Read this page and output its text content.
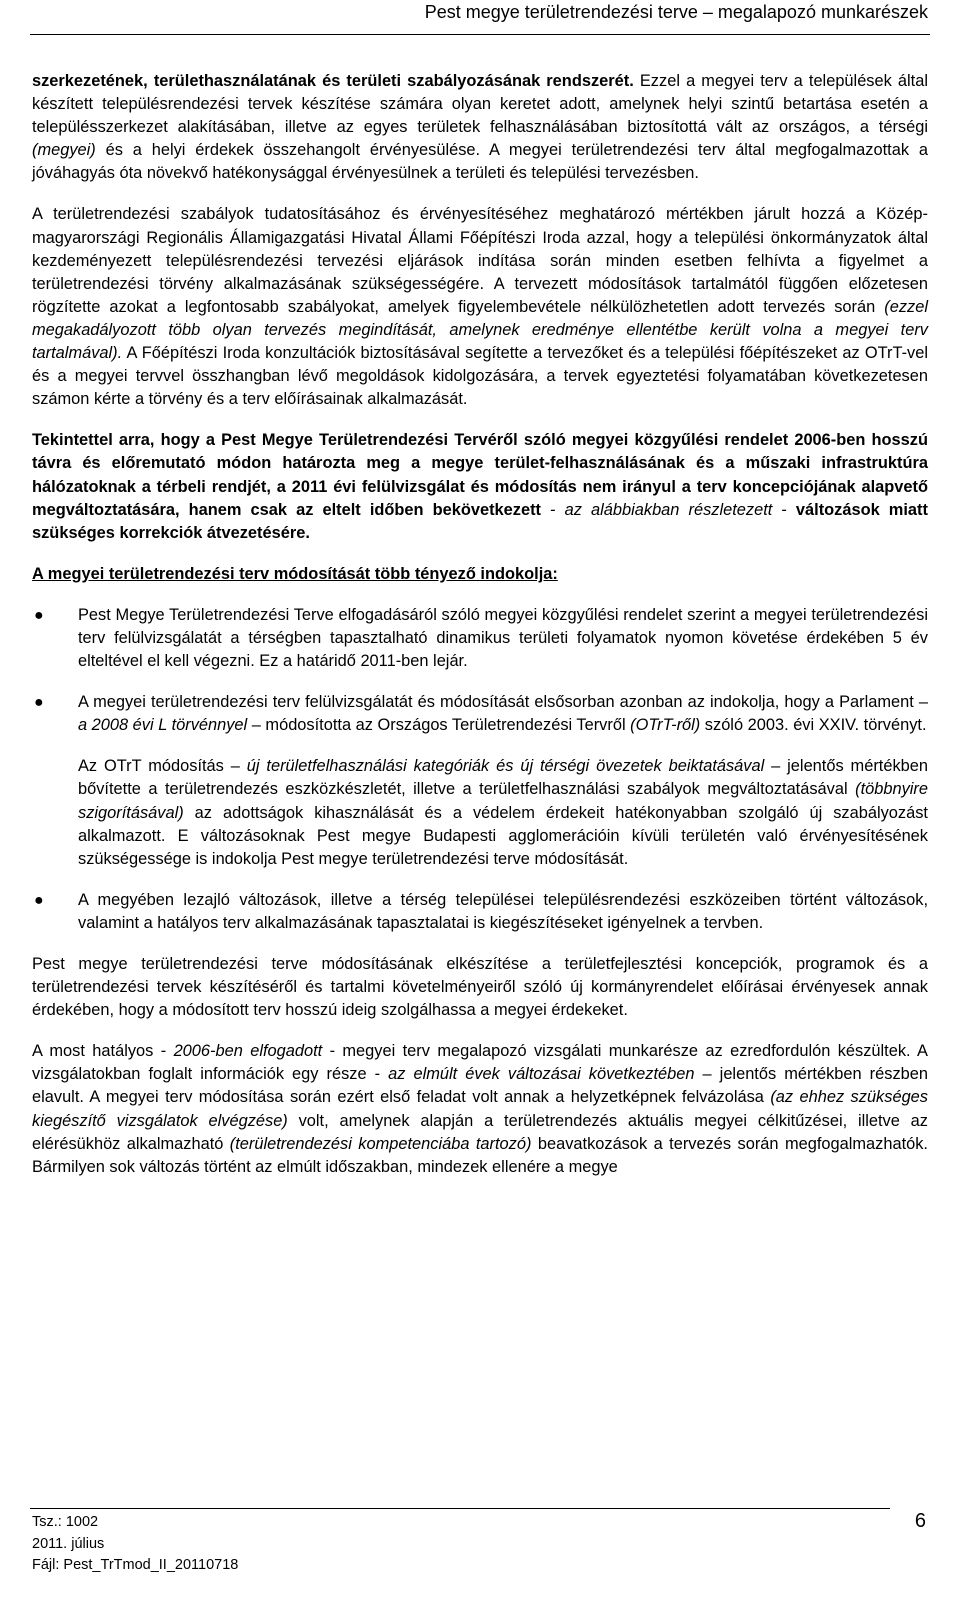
Pest megye területrendezési terve – megalapozó munkarészek

szerkezetének, területhasználatának és területi szabályozásának rendszerét. Ezzel a megyei terv a települések által készített településrendezési tervek készítése számára olyan keretet adott, amelynek helyi szintű betartása esetén a településszerkezet alakításában, illetve az egyes területek felhasználásában biztosítottá vált az országos, a térségi (megyei) és a helyi érdekek összehangolt érvényesülése. A megyei területrendezési terv által megfogalmazottak a jóváhagyás óta növekvő hatékonysággal érvényesülnek a területi és települési tervezésben.

A területrendezési szabályok tudatosításához és érvényesítéséhez meghatározó mértékben járult hozzá a Közép-magyarországi Regionális Államigazgatási Hivatal Állami Főépítészi Iroda azzal, hogy a települési önkormányzatok által kezdeményezett településrendezési tervezési eljárások indítása során minden esetben felhívta a figyelmet a területrendezési törvény alkalmazásának szükségességére. A tervezett módosítások tartalmától függően előzetesen rögzítette azokat a legfontosabb szabályokat, amelyek figyelembevétele nélkülözhetetlen adott tervezés során (ezzel megakadályozott több olyan tervezés megindítását, amelynek eredménye ellentétbe került volna a megyei terv tartalmával). A Főépítészi Iroda konzultációk biztosításával segítette a tervezőket és a települési főépítészeket az OTrT-vel és a megyei tervvel összhangban lévő megoldások kidolgozására, a tervek egyeztetési folyamatában következetesen számon kérte a törvény és a terv előírásainak alkalmazását.

Tekintettel arra, hogy a Pest Megye Területrendezési Tervéről szóló megyei közgyűlési rendelet 2006-ben hosszú távra és előremutató módon határozta meg a megye terület-felhasználásának és a műszaki infrastruktúra hálózatoknak a térbeli rendjét, a 2011 évi felülvizsgálat és módosítás nem irányul a terv koncepciójának alapvető megváltoztatására, hanem csak az eltelt időben bekövetkezett - az alábbiakban részletezett - változások miatt szükséges korrekciók átvezetésére.

A megyei területrendezési terv módosítását több tényező indokolja:

● Pest Megye Területrendezési Terve elfogadásáról szóló megyei közgyűlési rendelet szerint a megyei területrendezési terv felülvizsgálatát a térségben tapasztalható dinamikus területi folyamatok nyomon követése érdekében 5 év elteltével el kell végezni. Ez a határidő 2011-ben lejár.
● A megyei területrendezési terv felülvizsgálatát és módosítását elsősorban azonban az indokolja, hogy a Parlament – a 2008 évi L törvénnyel – módosította az Országos Területrendezési Tervről (OTrT-ről) szóló 2003. évi XXIV. törvényt.

Az OTrT módosítás – új területfelhasználási kategóriák és új térségi övezetek beiktatásával – jelentős mértékben bővítette a területrendezés eszközkészletét, illetve a területfelhasználási szabályok megváltoztatásával (többnyire szigorításával) az adottságok kihasználását és a védelem érdekeit hatékonyabban szolgáló új szabályozást alkalmazott. E változásoknak Pest megye Budapesti agglomerációin kívüli területén való érvényesítésének szükségessége is indokolja Pest megye területrendezési terve módosítását.

● A megyében lezajló változások, illetve a térség települései településrendezési eszközeiben történt változások, valamint a hatályos terv alkalmazásának tapasztalatai is kiegészítéseket igényelnek a tervben.

Pest megye területrendezési terve módosításának elkészítése a területfejlesztési koncepciók, programok és a területrendezési tervek készítéséről és tartalmi követelményeiről szóló új kormányrendelet előírásai érvényesek annak érdekében, hogy a módosított terv hosszú ideig szolgálhassa a megyei érdekeket.

A most hatályos - 2006-ben elfogadott - megyei terv megalapozó vizsgálati munkarésze az ezredfordulón készültek. A vizsgálatokban foglalt információk egy része - az elmúlt évek változásai következtében – jelentős mértékben részben elavult. A megyei terv módosítása során ezért első feladat volt annak a helyzetképnek felvázolása (az ehhez szükséges kiegészítő vizsgálatok elvégzése) volt, amelynek alapján a területrendezés aktuális megyei célkitűzései, illetve az elérésükhöz alkalmazható (területrendezési kompetenciába tartozó) beavatkozások a tervezés során megfogalmazhatók. Bármilyen sok változás történt az elmúlt időszakban, mindezek ellenére a megye

Tsz.: 1002
2011. július
Fájl: Pest_TrTmod_II_20110718
6
